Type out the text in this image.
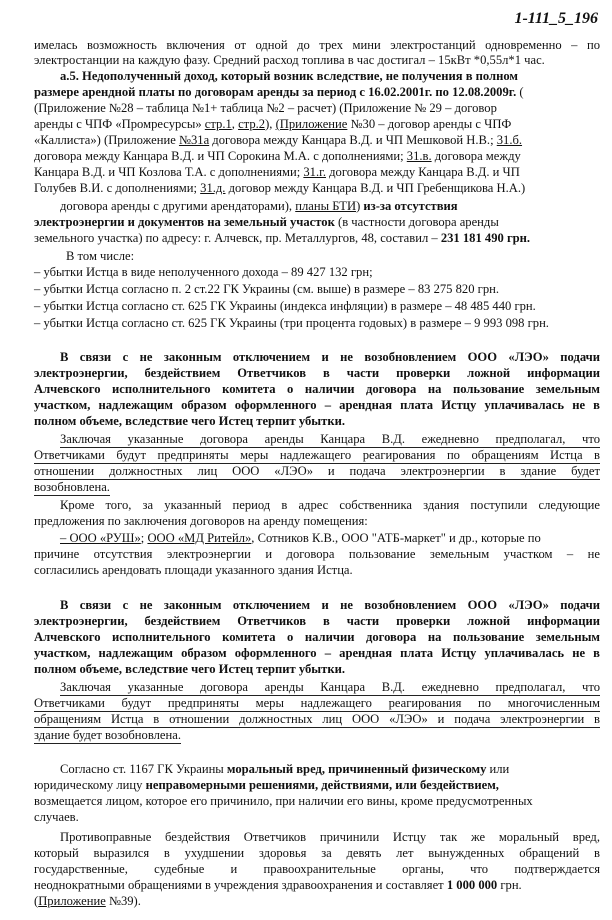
1-111_5_196
имелась возможность включения от одной до трех мини электростанций одновременно – по
электростанции на каждую фазу. Средний расход топлива в час достигал – 15кВт *0,55л*1 час.
а.5. Недополученный доход, который возник вследствие, не получения в полном
размере арендной платы по договорам аренды за период с 16.02.2001г. по 12.08.2009г. (
(Приложение №28 – таблица №1+ таблица №2 – расчет) (Приложение № 29 – договор
аренды с ЧПФ «Промресурсы» стр.1, стр.2), (Приложение №30 – договор аренды с ЧПФ
«Каллиста») (Приложение №31а договора между Канцара В.Д. и ЧП Мешковой Н.В.; 31.б.
договора между Канцара В.Д. и ЧП Сорокина М.А. с дополнениями; 31.в. договора между
Канцара В.Д. и ЧП Козлова Т.А. с дополнениями; 31.г. договора между Канцара В.Д. и ЧП
Голубев В.И. с дополнениями; 31.д. договор между Канцара В.Д. и ЧП Гребенщикова Н.А.)
договора аренды с другими арендаторами), планы БТИ) из-за отсутствия
электроэнергии и документов на земельный участок (в частности договора аренды
земельного участка) по адресу: г. Алчевск, пр. Металлургов, 48, составил – 231 181 490 грн.
В том числе:
– убытки Истца в виде неполученного дохода – 89 427 132 грн;
– убытки Истца согласно п. 2 ст.22 ГК Украины (см. выше) в размере – 83 275 820 грн.
– убытки Истца согласно ст. 625 ГК Украины (индекса инфляции) в размере – 48 485 440 грн.
– убытки Истца согласно ст. 625 ГК Украины (три процента годовых) в размере – 9 993 098 грн.
В связи с не законным отключением и не возобновлением ООО «ЛЭО» подачи
электроэнергии, бездействием Ответчиков в части проверки ложной информации
Алчевского исполнительного комитета о наличии договора на пользование земельным
участком, надлежащим образом оформленного – арендная плата Истцу уплачивалась не в
полном объеме, вследствие чего Истец терпит убытки.
Заключая указанные договора аренды Канцара В.Д. ежедневно предполагал, что
Ответчиками будут предприняты меры надлежащего реагирования по обращениям Истца в
отношении должностных лиц ООО «ЛЭО» и подача электроэнергии в здание будет
возобновлена.
Кроме того, за указанный период в адрес собственника здания поступили следующие
предложения по заключения договоров на аренду помещения:
– ООО «РУШ»; ООО «МД Ритейл», Сотников К.В., ООО "АТБ-маркет" и др., которые по
причине отсутствия электроэнергии и договора пользование земельным участком – не
согласились арендовать площади указанного здания Истца.
В связи с не законным отключением и не возобновлением ООО «ЛЭО» подачи
электроэнергии, бездействием Ответчиков в части проверки ложной информации
Алчевского исполнительного комитета о наличии договора на пользование земельным
участком, надлежащим образом оформленного – арендная плата Истцу уплачивалась не в
полном объеме, вследствие чего Истец терпит убытки.
Заключая указанные договора аренды Канцара В.Д. ежедневно предполагал, что
Ответчиками будут предприняты меры надлежащего реагирования по многочисленным
обращениям Истца в отношении должностных лиц ООО «ЛЭО» и подача электроэнергии в
здание будет возобновлена.
Согласно ст. 1167 ГК Украины моральный вред, причиненный физическому или
юридическому лицу неправомерными решениями, действиями, или бездействием,
возмещается лицом, которое его причинило, при наличии его вины, кроме предусмотренных
случаев.
Противоправные бездействия Ответчиков причинили Истцу так же моральный вред,
который выразился в ухудшении здоровья за девять лет вынужденных обращений в
государственные, судебные и правоохранительные органы, что подтверждается
неоднократными обращениями в учреждения здравоохранения и составляет 1 000 000 грн.
(Приложение №39).
